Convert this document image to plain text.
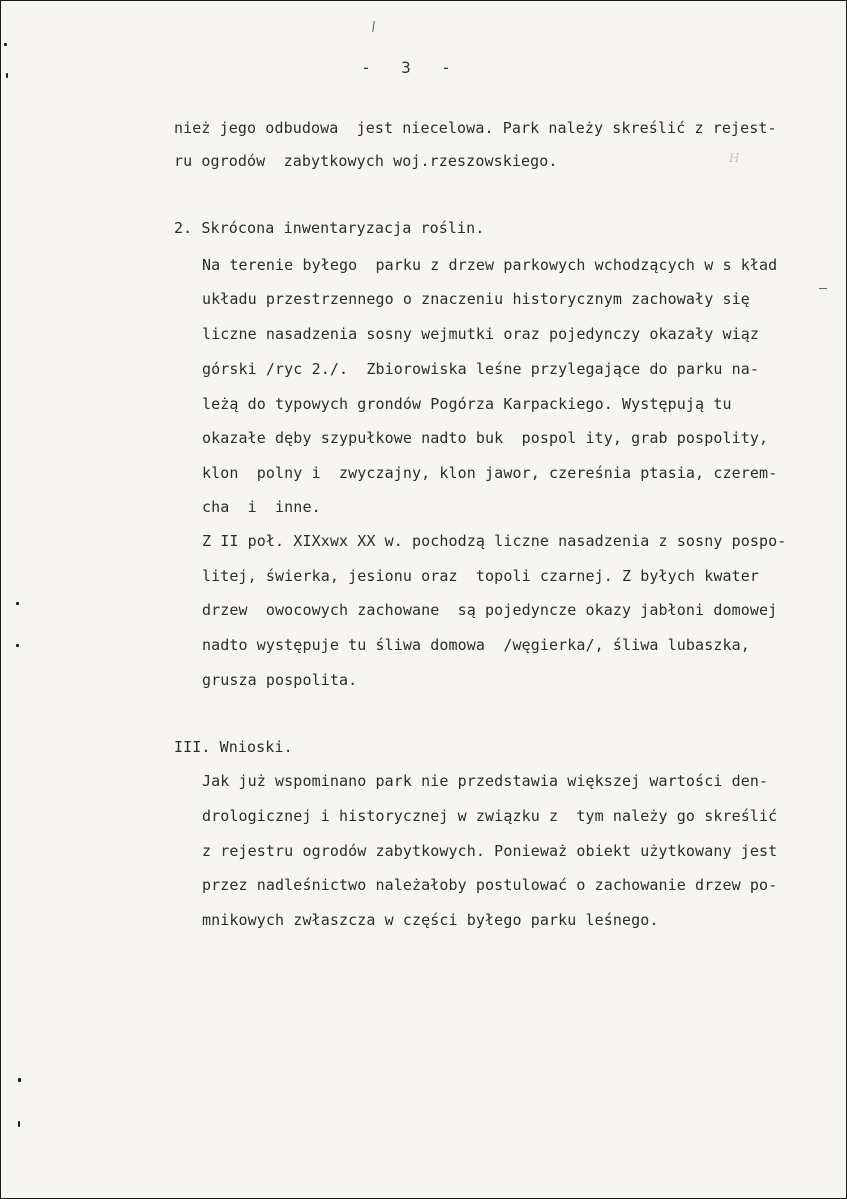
H
- 3 -
nież jego odbudowa  jest niecelowa. Park należy skreślić z rejest-
ru ogrodów  zabytkowych woj.rzeszowskiego.
2. Skrócona inwentaryzacja roślin.
Na terenie byłego  parku z drzew parkowych wchodzących w s kład
układu przestrzennego o znaczeniu historycznym zachowały się
liczne nasadzenia sosny wejmutki oraz pojedynczy okazały wiąz
górski /ryc 2./.  Zbiorowiska leśne przylegające do parku na-
leżą do typowych grondów Pogórza Karpackiego. Występują tu
okazałe dęby szypułkowe nadto buk  pospol ity, grab pospolity,
klon  polny i  zwyczajny, klon jawor, czereśnia ptasia, czerem-
cha  i  inne.
Z II poł. XIXxwx XX w. pochodzą liczne nasadzenia z sosny pospo-
litej, świerka, jesionu oraz  topoli czarnej. Z byłych kwater
drzew  owocowych zachowane  są pojedyncze okazy jabłoni domowej
nadto występuje tu śliwa domowa  /węgierka/, śliwa lubaszka,
grusza pospolita.
III. Wnioski.
Jak już wspominano park nie przedstawia większej wartości den-
drologicznej i historycznej w związku z  tym należy go skreślić
z rejestru ogrodów zabytkowych. Ponieważ obiekt użytkowany jest
przez nadleśnictwo należałoby postulować o zachowanie drzew po-
mnikowych zwłaszcza w części byłego parku leśnego.
